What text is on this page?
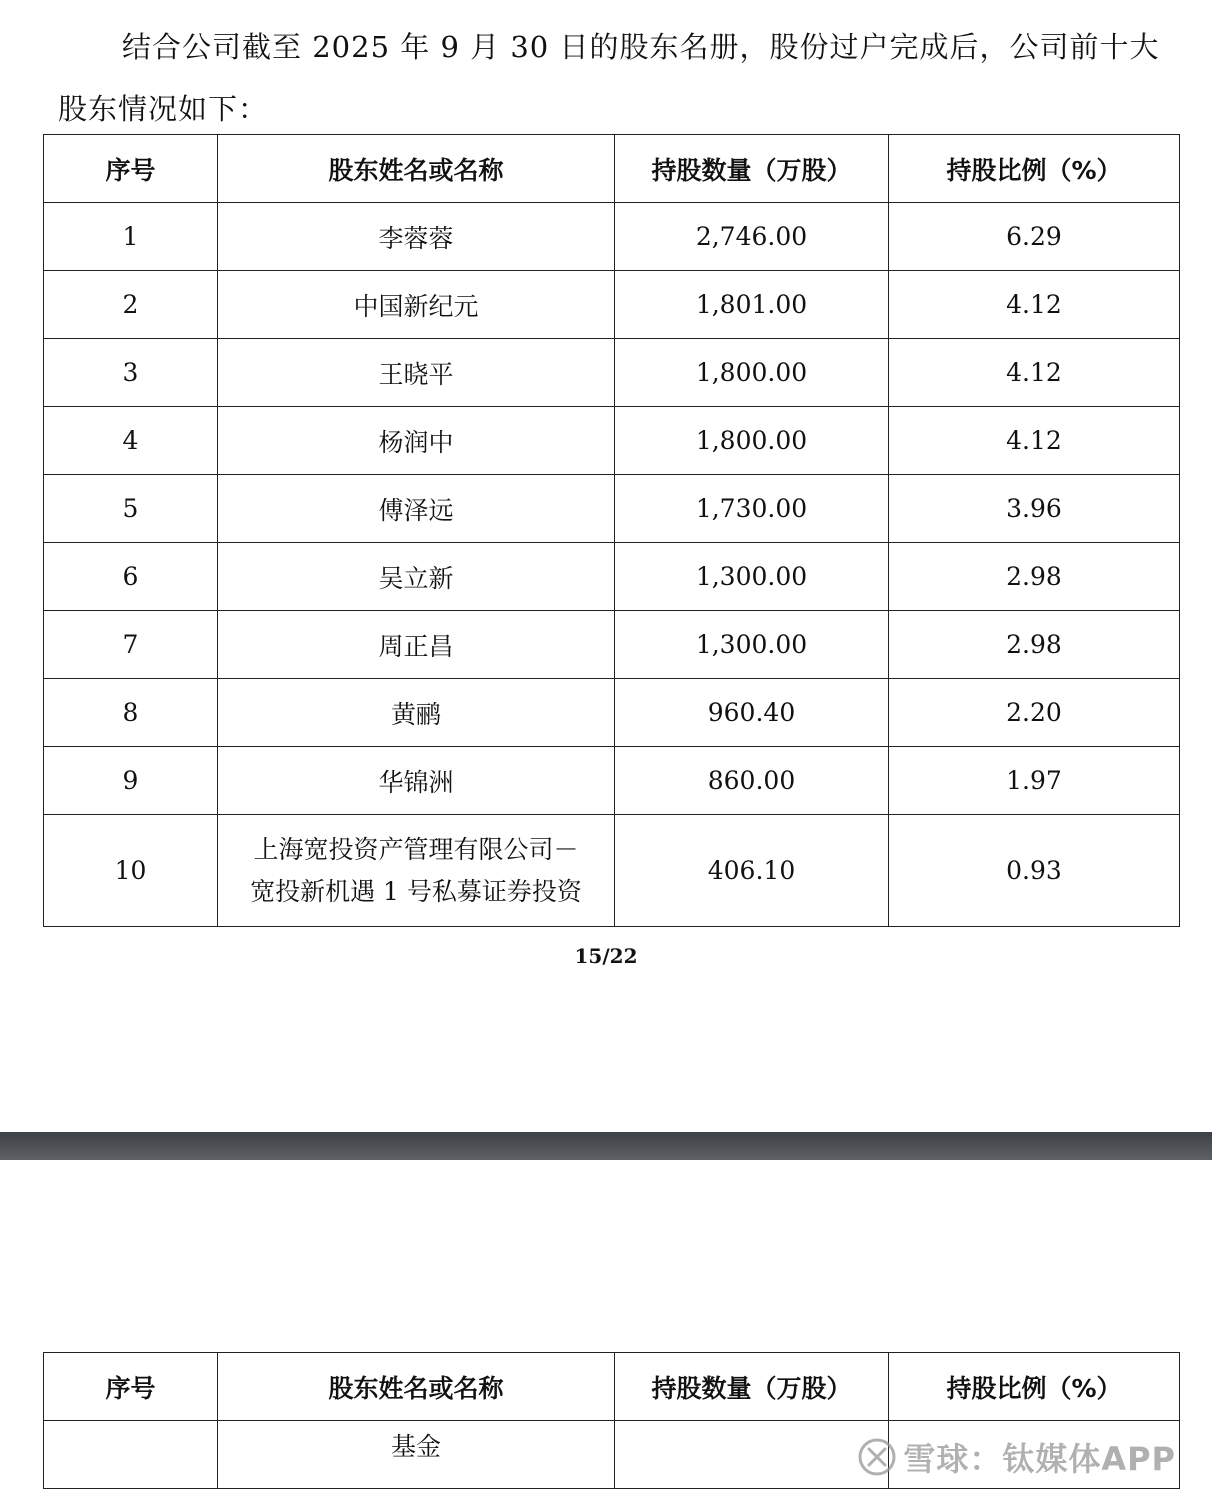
结合公司截至 2025 年 9 月 30 日的股东名册，股份过户完成后，公司前十大股东情况如下：

序号	股东姓名或名称	持股数量（万股）	持股比例（%）
1	李蓉蓉	2,746.00	6.29
2	中国新纪元	1,801.00	4.12
3	王晓平	1,800.00	4.12
4	杨润中	1,800.00	4.12
5	傅泽远	1,730.00	3.96
6	吴立新	1,300.00	2.98
7	周正昌	1,300.00	2.98
8	黄鹂	960.40	2.20
9	华锦洲	860.00	1.97
10	上海宽投资产管理有限公司－
宽投新机遇 1 号私募证券投资	406.10	0.93
15/22
序号	股东姓名或名称	持股数量（万股）	持股比例（%）
	基金			雪球：钛媒体APP
